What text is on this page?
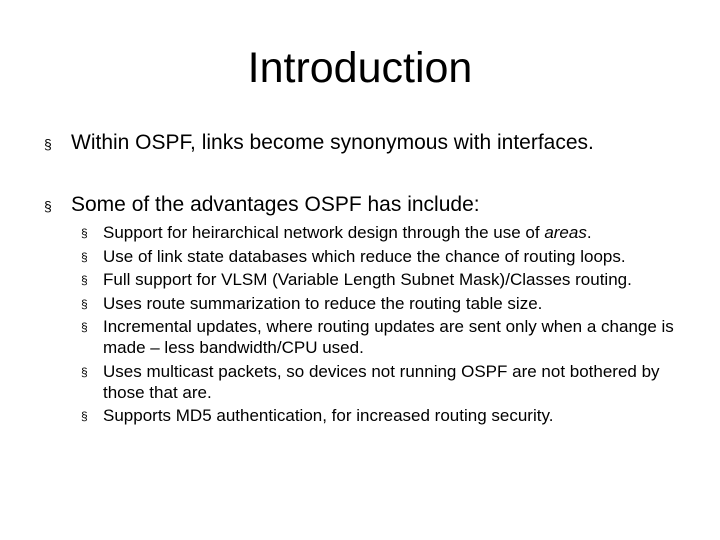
Introduction
§ Within OSPF, links become synonymous with interfaces.
§ Some of the advantages OSPF has include:
§ Support for heirarchical network design through the use of areas.
§ Use of link state databases which reduce the chance of routing loops.
§ Full support for VLSM (Variable Length Subnet Mask)/Classes routing.
§ Uses route summarization to reduce the routing table size.
§ Incremental updates, where routing updates are sent only when a change is made – less bandwidth/CPU used.
§ Uses multicast packets, so devices not running OSPF are not bothered by those that are.
§ Supports MD5 authentication, for increased routing security.
